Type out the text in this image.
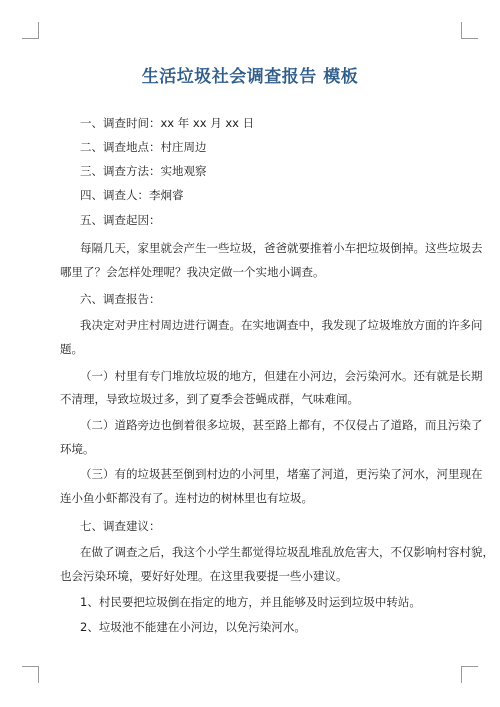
生活垃圾社会调查报告 模板
一、调查时间：xx 年 xx 月 xx 日
二、调查地点：村庄周边
三、调查方法：实地观察
四、调查人：李炯睿
五、调查起因：
每隔几天，家里就会产生一些垃圾，爸爸就要推着小车把垃圾倒掉。这些垃圾去
哪里了？会怎样处理呢？我决定做一个实地小调查。
六、调查报告：
我决定对尹庄村周边进行调查。在实地调查中，我发现了垃圾堆放方面的许多问
题。
（一）村里有专门堆放垃圾的地方，但建在小河边，会污染河水。还有就是长期
不清理，导致垃圾过多，到了夏季会苍蝇成群，气味难闻。
（二）道路旁边也倒着很多垃圾，甚至路上都有，不仅侵占了道路，而且污染了
环境。
（三）有的垃圾甚至倒到村边的小河里，堵塞了河道，更污染了河水，河里现在
连小鱼小虾都没有了。连村边的树林里也有垃圾。
七、调查建议：
在做了调查之后，我这个小学生都觉得垃圾乱堆乱放危害大，不仅影响村容村貌，
也会污染环境，要好好处理。在这里我要提一些小建议。
1、村民要把垃圾倒在指定的地方，并且能够及时运到垃圾中转站。
2、垃圾池不能建在小河边，以免污染河水。
